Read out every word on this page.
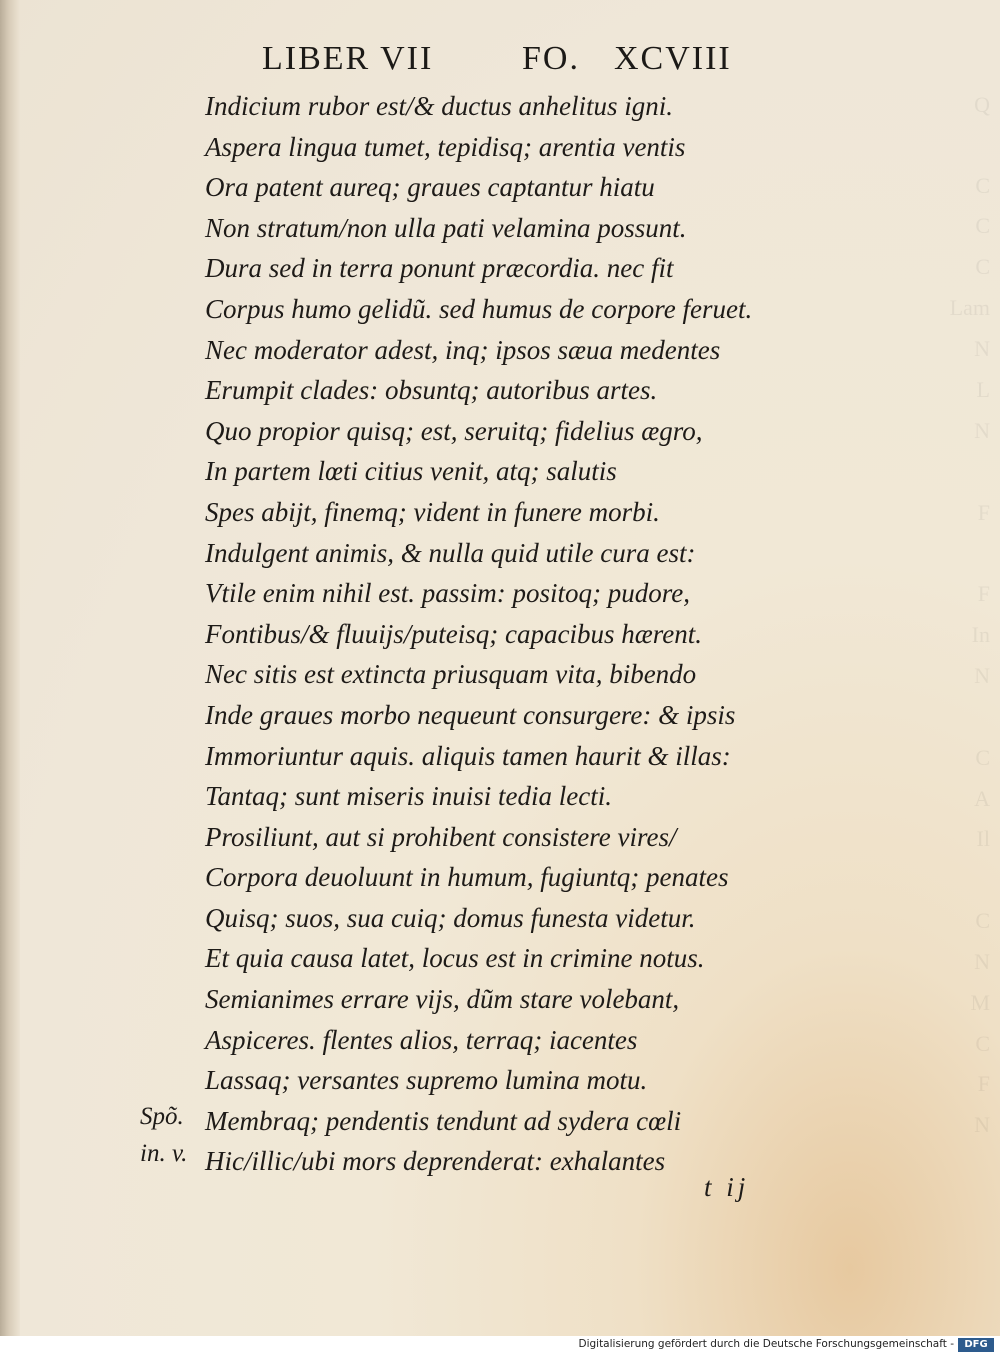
LIBER VII	FO. XCVIII
Indicium rubor est/& ductus anhelitus igni.
Aspera lingua tumet, tepidisq; arentia ventis
Ora patent aureq; graues captantur hiatu
Non stratum/non ulla pati velamina possunt.
Dura sed in terra ponunt præcordia. nec fit
Corpus humo gelidũ. sed humus de corpore feruet.
Nec moderator adest, inq; ipsos sæua medentes
Erumpit clades: obsuntq; autoribus artes.
Quo propior quisq; est, seruitq; fidelius ægro,
In partem lœti citius venit, atq; salutis
Spes abijt, finemq; vident in funere morbi.
Indulgent animis, & nulla quid utile cura est:
Vtile enim nihil est. passim: positoq; pudore,
Fontibus/& fluuijs/puteisq; capacibus hærent.
Nec sitis est extincta priusquam vita, bibendo
Inde graues morbo nequeunt consurgere: & ipsis
Immoriuntur aquis. aliquis tamen haurit & illas:
Tantaq; sunt miseris inuisi tedia lecti.
Prosiliunt, aut si prohibent consistere vires/
Corpora deuoluunt in humum, fugiuntq; penates
Quisq; suos, sua cuiq; domus funesta videtur.
Et quia causa latet, locus est in crimine notus.
Semianimes errare vijs, dũm stare volebant,
Aspiceres. flentes alios, terraq; iacentes
Lassaq; versantes supremo lumina motu.
Membraq; pendentis tendunt ad sydera cœli
Hic/illic/ubi mors deprenderat: exhalantes
Spõ.
in. v.
t ij
Q
C
C
C
Lam
N
L
N
F
F
In
N
C
A
Il
C
N
M
C
F
N
Digitalisierung gefördert durch die Deutsche Forschungsgemeinschaft -	DFG
